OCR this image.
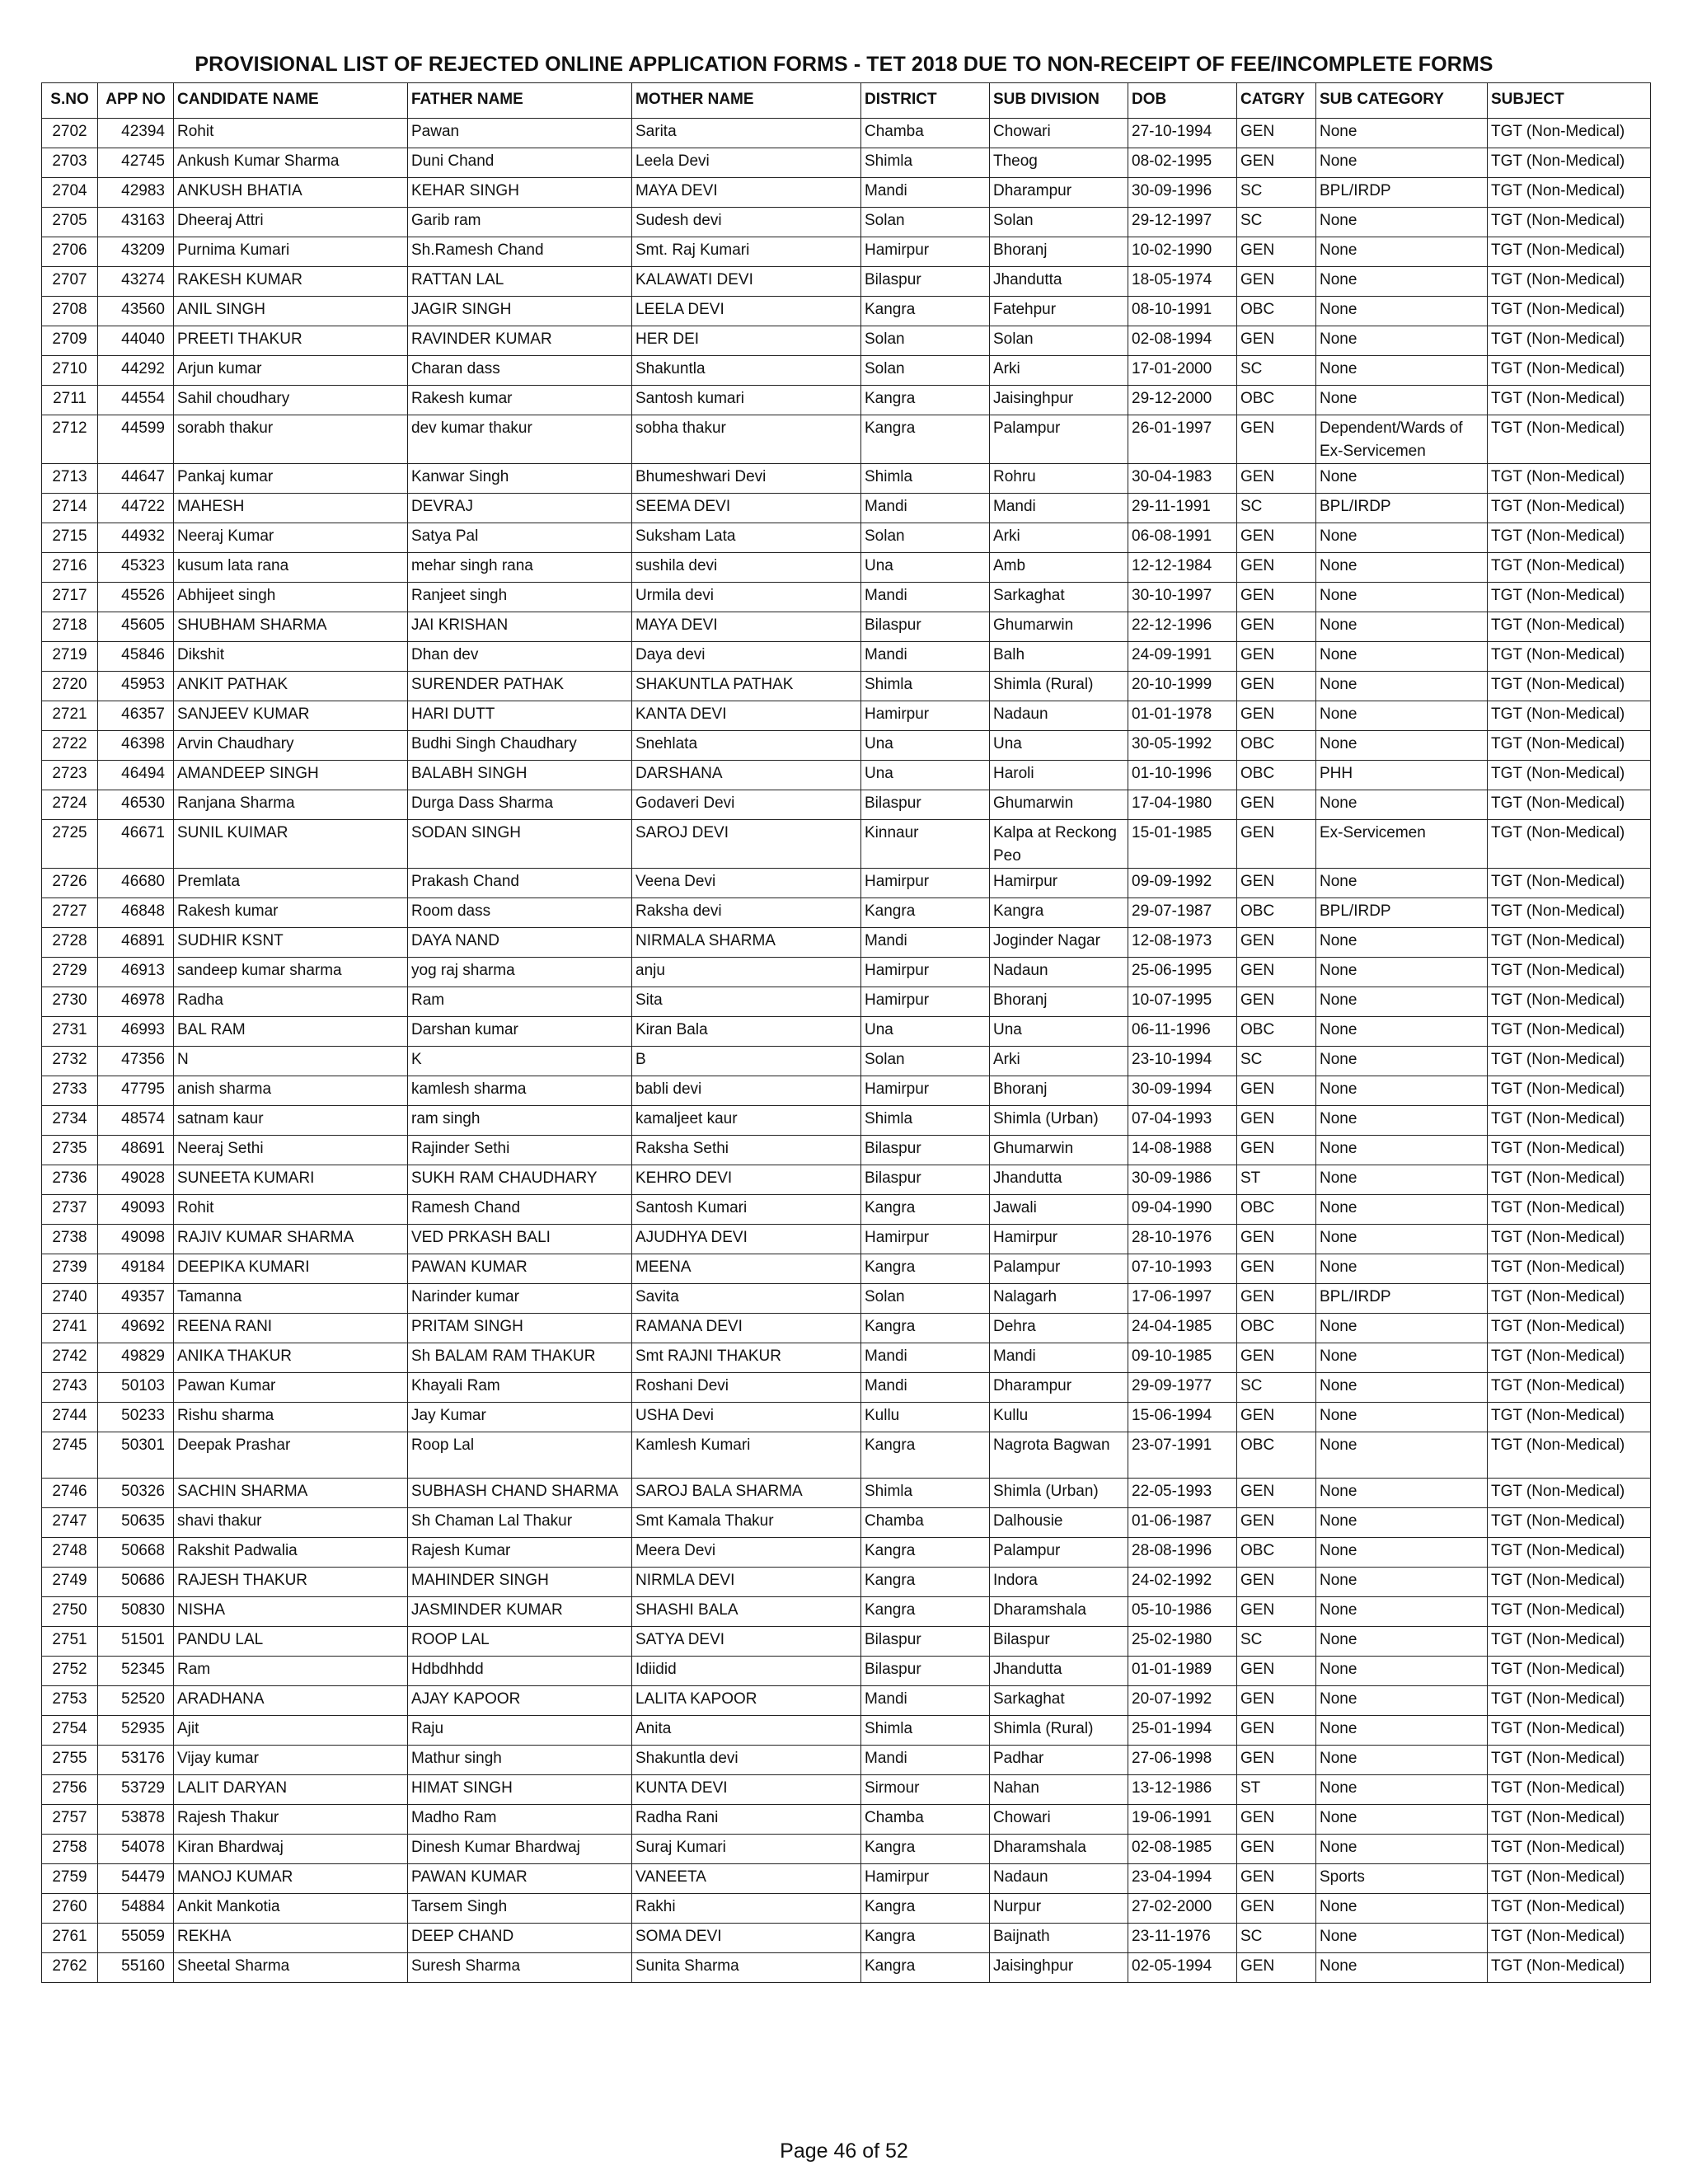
PROVISIONAL LIST OF REJECTED ONLINE APPLICATION FORMS - TET 2018 DUE TO NON-RECEIPT OF FEE/INCOMPLETE FORMS
S.NO	APP NO	CANDIDATE NAME	FATHER NAME	MOTHER NAME	DISTRICT	SUB DIVISION	DOB	CATGRY	SUB CATEGORY	SUBJECT
2702	42394	Rohit	Pawan	Sarita	Chamba	Chowari	27-10-1994	GEN	None	TGT (Non-Medical)
2703	42745	Ankush Kumar Sharma	Duni Chand	Leela Devi	Shimla	Theog	08-02-1995	GEN	None	TGT (Non-Medical)
2704	42983	ANKUSH BHATIA	KEHAR SINGH	MAYA DEVI	Mandi	Dharampur	30-09-1996	SC	BPL/IRDP	TGT (Non-Medical)
2705	43163	Dheeraj Attri	Garib ram	Sudesh devi	Solan	Solan	29-12-1997	SC	None	TGT (Non-Medical)
2706	43209	Purnima Kumari	Sh.Ramesh Chand	Smt. Raj Kumari	Hamirpur	Bhoranj	10-02-1990	GEN	None	TGT (Non-Medical)
2707	43274	RAKESH KUMAR	RATTAN LAL	KALAWATI DEVI	Bilaspur	Jhandutta	18-05-1974	GEN	None	TGT (Non-Medical)
2708	43560	ANIL SINGH	JAGIR SINGH	LEELA DEVI	Kangra	Fatehpur	08-10-1991	OBC	None	TGT (Non-Medical)
2709	44040	PREETI THAKUR	RAVINDER KUMAR	HER DEI	Solan	Solan	02-08-1994	GEN	None	TGT (Non-Medical)
2710	44292	Arjun kumar	Charan dass	Shakuntla	Solan	Arki	17-01-2000	SC	None	TGT (Non-Medical)
2711	44554	Sahil choudhary	Rakesh kumar	Santosh kumari	Kangra	Jaisinghpur	29-12-2000	OBC	None	TGT (Non-Medical)
2712	44599	sorabh thakur	dev kumar thakur	sobha thakur	Kangra	Palampur	26-01-1997	GEN	Dependent/Wards of Ex-Servicemen	TGT (Non-Medical)
2713	44647	Pankaj kumar	Kanwar Singh	Bhumeshwari Devi	Shimla	Rohru	30-04-1983	GEN	None	TGT (Non-Medical)
2714	44722	MAHESH	DEVRAJ	SEEMA DEVI	Mandi	Mandi	29-11-1991	SC	BPL/IRDP	TGT (Non-Medical)
2715	44932	Neeraj Kumar	Satya Pal	Suksham Lata	Solan	Arki	06-08-1991	GEN	None	TGT (Non-Medical)
2716	45323	kusum lata rana	mehar singh rana	sushila devi	Una	Amb	12-12-1984	GEN	None	TGT (Non-Medical)
2717	45526	Abhijeet singh	Ranjeet singh	Urmila devi	Mandi	Sarkaghat	30-10-1997	GEN	None	TGT (Non-Medical)
2718	45605	SHUBHAM SHARMA	JAI KRISHAN	MAYA DEVI	Bilaspur	Ghumarwin	22-12-1996	GEN	None	TGT (Non-Medical)
2719	45846	Dikshit	Dhan dev	Daya devi	Mandi	Balh	24-09-1991	GEN	None	TGT (Non-Medical)
2720	45953	ANKIT PATHAK	SURENDER PATHAK	SHAKUNTLA PATHAK	Shimla	Shimla (Rural)	20-10-1999	GEN	None	TGT (Non-Medical)
2721	46357	SANJEEV KUMAR	HARI DUTT	KANTA DEVI	Hamirpur	Nadaun	01-01-1978	GEN	None	TGT (Non-Medical)
2722	46398	Arvin Chaudhary	Budhi Singh Chaudhary	Snehlata	Una	Una	30-05-1992	OBC	None	TGT (Non-Medical)
2723	46494	AMANDEEP SINGH	BALABH SINGH	DARSHANA	Una	Haroli	01-10-1996	OBC	PHH	TGT (Non-Medical)
2724	46530	Ranjana Sharma	Durga Dass Sharma	Godaveri Devi	Bilaspur	Ghumarwin	17-04-1980	GEN	None	TGT (Non-Medical)
2725	46671	SUNIL KUIMAR	SODAN SINGH	SAROJ DEVI	Kinnaur	Kalpa at Reckong Peo	15-01-1985	GEN	Ex-Servicemen	TGT (Non-Medical)
2726	46680	Premlata	Prakash Chand	Veena Devi	Hamirpur	Hamirpur	09-09-1992	GEN	None	TGT (Non-Medical)
2727	46848	Rakesh kumar	Room dass	Raksha devi	Kangra	Kangra	29-07-1987	OBC	BPL/IRDP	TGT (Non-Medical)
2728	46891	SUDHIR KSNT	DAYA NAND	NIRMALA SHARMA	Mandi	Joginder Nagar	12-08-1973	GEN	None	TGT (Non-Medical)
2729	46913	sandeep kumar sharma	yog raj sharma	anju	Hamirpur	Nadaun	25-06-1995	GEN	None	TGT (Non-Medical)
2730	46978	Radha	Ram	Sita	Hamirpur	Bhoranj	10-07-1995	GEN	None	TGT (Non-Medical)
2731	46993	BAL RAM	Darshan kumar	Kiran Bala	Una	Una	06-11-1996	OBC	None	TGT (Non-Medical)
2732	47356	N	K	B	Solan	Arki	23-10-1994	SC	None	TGT (Non-Medical)
2733	47795	anish sharma	kamlesh sharma	babli devi	Hamirpur	Bhoranj	30-09-1994	GEN	None	TGT (Non-Medical)
2734	48574	satnam kaur	ram singh	kamaljeet kaur	Shimla	Shimla (Urban)	07-04-1993	GEN	None	TGT (Non-Medical)
2735	48691	Neeraj Sethi	Rajinder Sethi	Raksha Sethi	Bilaspur	Ghumarwin	14-08-1988	GEN	None	TGT (Non-Medical)
2736	49028	SUNEETA KUMARI	SUKH RAM CHAUDHARY	KEHRO DEVI	Bilaspur	Jhandutta	30-09-1986	ST	None	TGT (Non-Medical)
2737	49093	Rohit	Ramesh Chand	Santosh Kumari	Kangra	Jawali	09-04-1990	OBC	None	TGT (Non-Medical)
2738	49098	RAJIV KUMAR SHARMA	VED PRKASH BALI	AJUDHYA DEVI	Hamirpur	Hamirpur	28-10-1976	GEN	None	TGT (Non-Medical)
2739	49184	DEEPIKA KUMARI	PAWAN KUMAR	MEENA	Kangra	Palampur	07-10-1993	GEN	None	TGT (Non-Medical)
2740	49357	Tamanna	Narinder kumar	Savita	Solan	Nalagarh	17-06-1997	GEN	BPL/IRDP	TGT (Non-Medical)
2741	49692	REENA RANI	PRITAM SINGH	RAMANA DEVI	Kangra	Dehra	24-04-1985	OBC	None	TGT (Non-Medical)
2742	49829	ANIKA THAKUR	Sh BALAM RAM THAKUR	Smt RAJNI THAKUR	Mandi	Mandi	09-10-1985	GEN	None	TGT (Non-Medical)
2743	50103	Pawan Kumar	Khayali Ram	Roshani Devi	Mandi	Dharampur	29-09-1977	SC	None	TGT (Non-Medical)
2744	50233	Rishu sharma	Jay Kumar	USHA Devi	Kullu	Kullu	15-06-1994	GEN	None	TGT (Non-Medical)
2745	50301	Deepak Prashar	Roop Lal	Kamlesh Kumari	Kangra	Nagrota Bagwan	23-07-1991	OBC	None	TGT (Non-Medical)
2746	50326	SACHIN SHARMA	SUBHASH CHAND SHARMA	SAROJ BALA SHARMA	Shimla	Shimla (Urban)	22-05-1993	GEN	None	TGT (Non-Medical)
2747	50635	shavi thakur	Sh Chaman Lal Thakur	Smt Kamala Thakur	Chamba	Dalhousie	01-06-1987	GEN	None	TGT (Non-Medical)
2748	50668	Rakshit Padwalia	Rajesh Kumar	Meera Devi	Kangra	Palampur	28-08-1996	OBC	None	TGT (Non-Medical)
2749	50686	RAJESH THAKUR	MAHINDER SINGH	NIRMLA DEVI	Kangra	Indora	24-02-1992	GEN	None	TGT (Non-Medical)
2750	50830	NISHA	JASMINDER KUMAR	SHASHI BALA	Kangra	Dharamshala	05-10-1986	GEN	None	TGT (Non-Medical)
2751	51501	PANDU LAL	ROOP LAL	SATYA DEVI	Bilaspur	Bilaspur	25-02-1980	SC	None	TGT (Non-Medical)
2752	52345	Ram	Hdbdhhdd	Idiidid	Bilaspur	Jhandutta	01-01-1989	GEN	None	TGT (Non-Medical)
2753	52520	ARADHANA	AJAY KAPOOR	LALITA KAPOOR	Mandi	Sarkaghat	20-07-1992	GEN	None	TGT (Non-Medical)
2754	52935	Ajit	Raju	Anita	Shimla	Shimla (Rural)	25-01-1994	GEN	None	TGT (Non-Medical)
2755	53176	Vijay kumar	Mathur singh	Shakuntla devi	Mandi	Padhar	27-06-1998	GEN	None	TGT (Non-Medical)
2756	53729	LALIT DARYAN	HIMAT SINGH	KUNTA DEVI	Sirmour	Nahan	13-12-1986	ST	None	TGT (Non-Medical)
2757	53878	Rajesh Thakur	Madho Ram	Radha Rani	Chamba	Chowari	19-06-1991	GEN	None	TGT (Non-Medical)
2758	54078	Kiran Bhardwaj	Dinesh Kumar Bhardwaj	Suraj Kumari	Kangra	Dharamshala	02-08-1985	GEN	None	TGT (Non-Medical)
2759	54479	MANOJ KUMAR	PAWAN KUMAR	VANEETA	Hamirpur	Nadaun	23-04-1994	GEN	Sports	TGT (Non-Medical)
2760	54884	Ankit Mankotia	Tarsem Singh	Rakhi	Kangra	Nurpur	27-02-2000	GEN	None	TGT (Non-Medical)
2761	55059	REKHA	DEEP CHAND	SOMA DEVI	Kangra	Baijnath	23-11-1976	SC	None	TGT (Non-Medical)
2762	55160	Sheetal Sharma	Suresh Sharma	Sunita Sharma	Kangra	Jaisinghpur	02-05-1994	GEN	None	TGT (Non-Medical)
Page 46 of 52
